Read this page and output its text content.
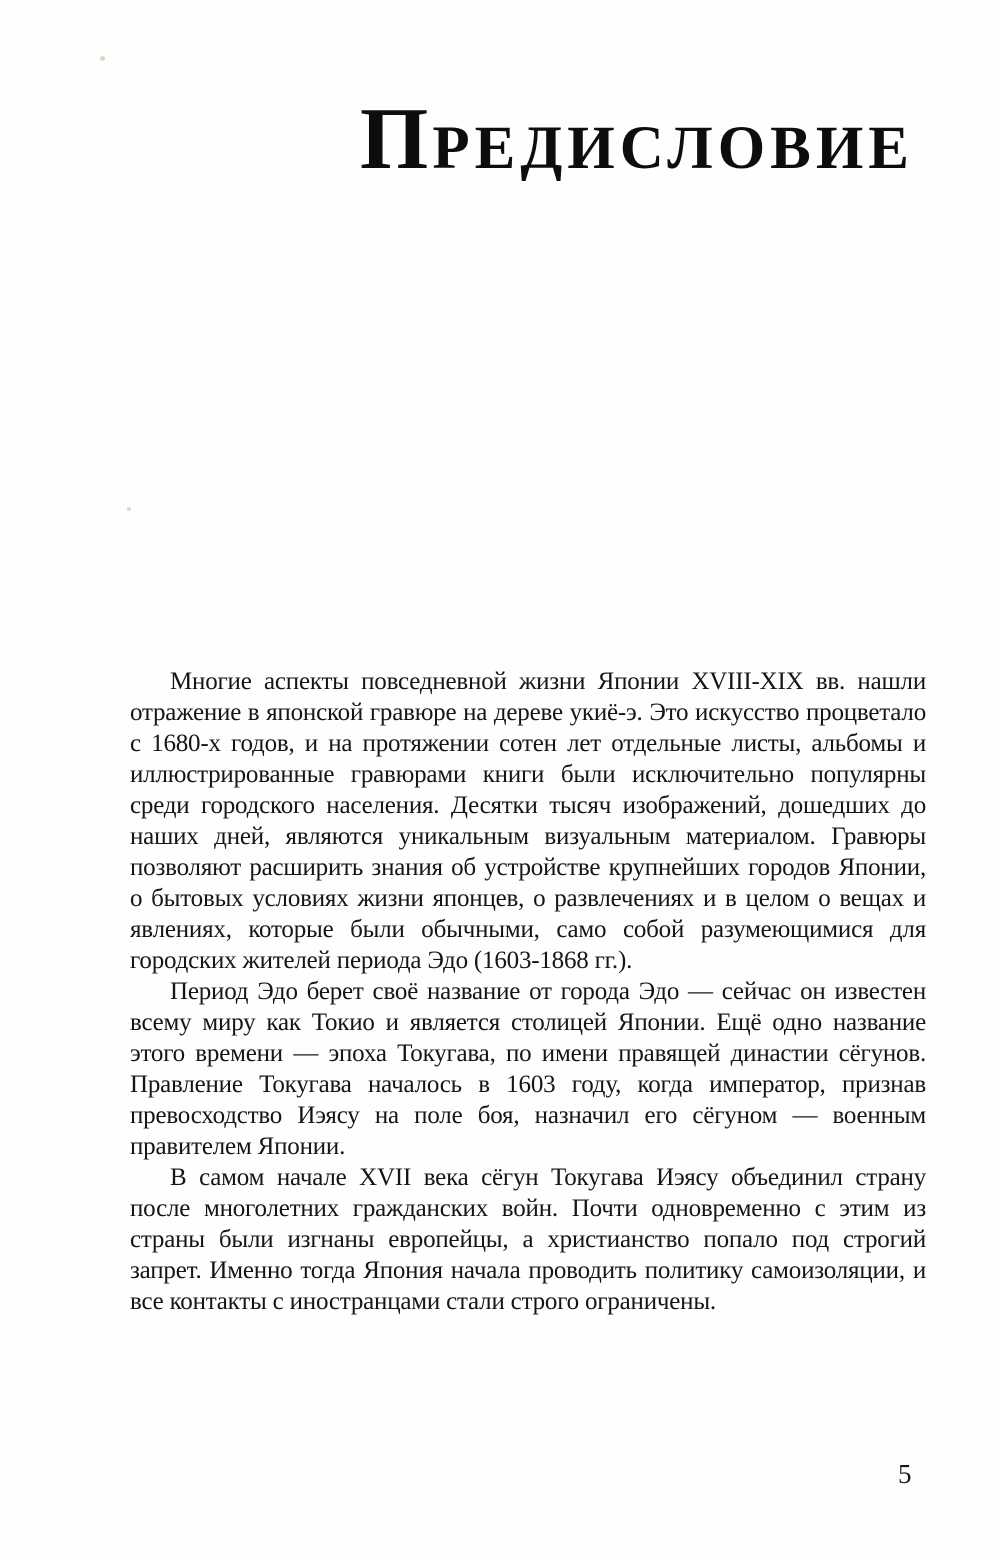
П РЕДИСЛОВИЕ

Многие аспекты повседневной жизни Японии XVIII-XIX вв. нашли отражение в японской гравюре на дереве укиё-э. Это искусство процветало с 1680-х годов, и на протяжении сотен лет отдельные листы, альбомы и иллюстрированные гравюрами книги были исключительно популярны среди городского населения. Десятки тысяч изображений, дошедших до наших дней, являются уникальным визуальным материалом. Гравюры позволяют расширить знания об устройстве крупнейших городов Японии, о бытовых условиях жизни японцев, о развлечениях и в целом о вещах и явлениях, которые были обычными, само собой разумеющимися для городских жителей периода Эдо (1603-1868 гг.).

Период Эдо берет своё название от города Эдо — сейчас он известен всему миру как Токио и является столицей Японии. Ещё одно название этого времени — эпоха Токугава, по имени правящей династии сёгунов. Правление Токугава началось в 1603 году, когда император, признав превосходство Иэясу на поле боя, назначил его сёгуном — военным правителем Японии.

В самом начале XVII века сёгун Токугава Иэясу объединил страну после многолетних гражданских войн. Почти одновременно с этим из страны были изгнаны европейцы, а христианство попало под строгий запрет. Именно тогда Япония начала проводить политику самоизоляции, и все контакты с иностранцами стали строго ограничены.

5
